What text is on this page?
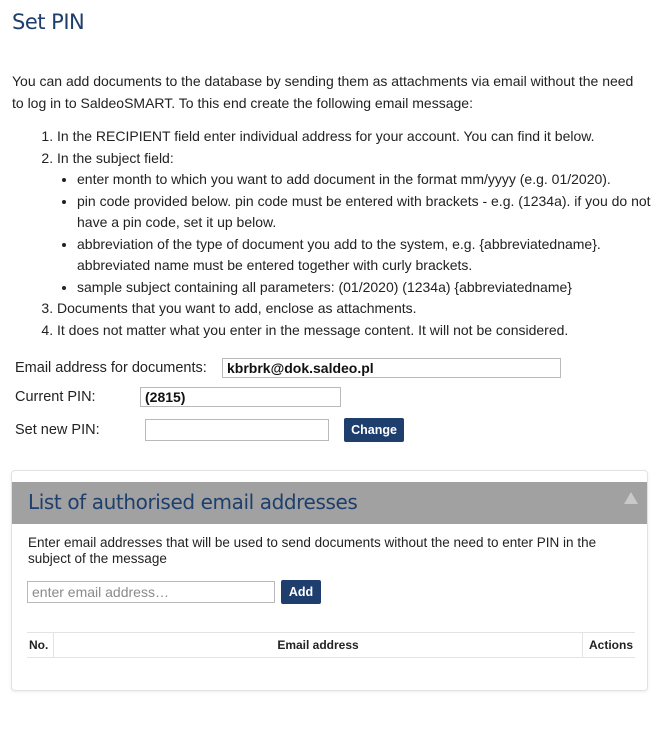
Set PIN

You can add documents to the database by sending them as attachments via email without the need to log in to SaldeoSMART. To this end create the following email message:

1. In the RECIPIENT field enter individual address for your account. You can find it below.
2. In the subject field:
• enter month to which you want to add document in the format mm/yyyy (e.g. 01/2020).
• pin code provided below. pin code must be entered with brackets - e.g. (1234a). if you do not have a pin code, set it up below.
• abbreviation of the type of document you add to the system, e.g. {abbreviatedname}. abbreviated name must be entered together with curly brackets.
• sample subject containing all parameters: (01/2020) (1234a) {abbreviatedname}
3. Documents that you want to add, enclose as attachments.
4. It does not matter what you enter in the message content. It will not be considered.
Email address for documents:	kbrbrk@dok.saldeo.pl
Current PIN:	(2815)
Set new PIN:	Change
List of authorised email addresses

Enter email addresses that will be used to send documents without the need to enter PIN in the subject of the message

enter email address…
Add
No.	Email address	Actions
